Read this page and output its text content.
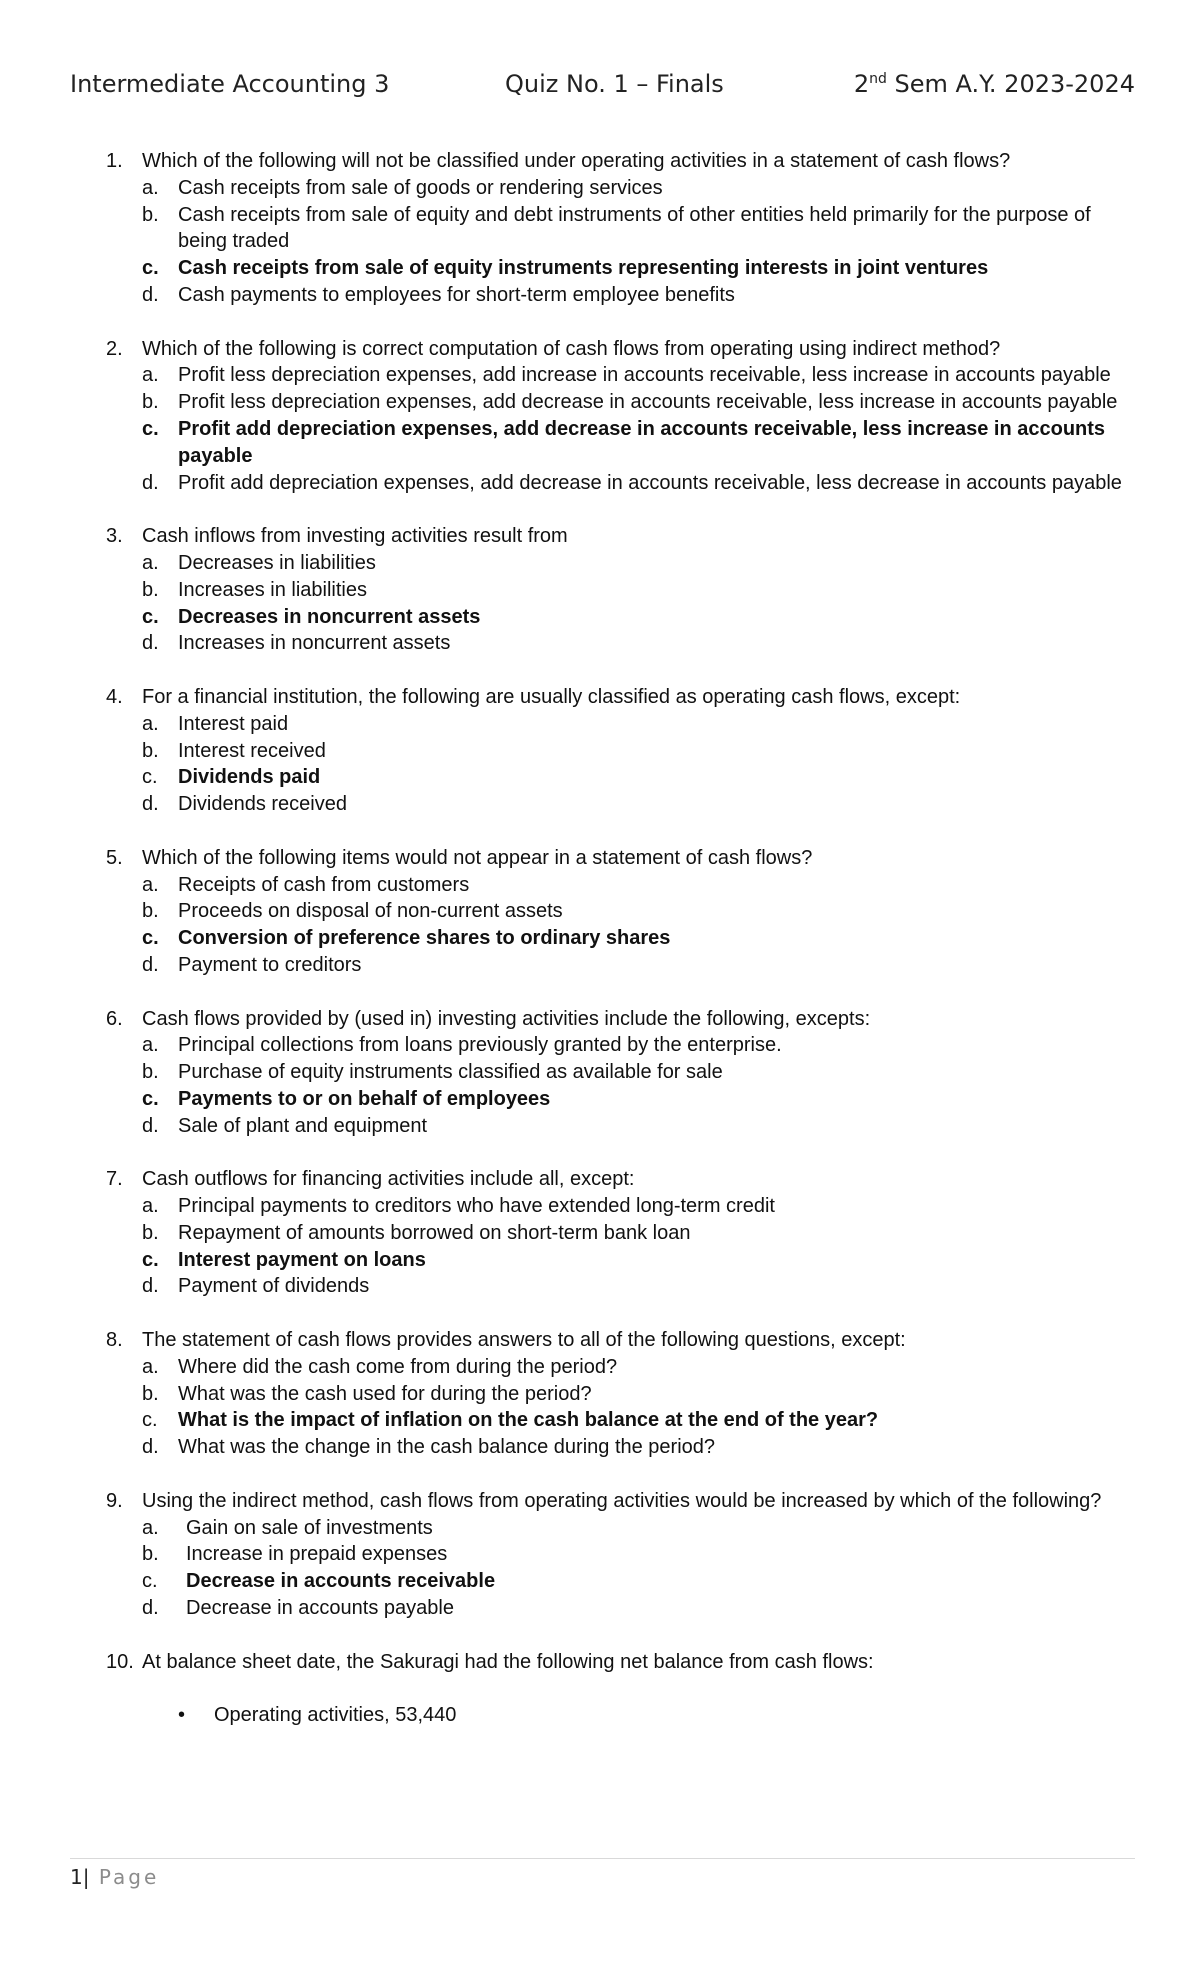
Intermediate Accounting 3	Quiz No. 1 – Finals	2nd Sem A.Y. 2023-2024
1. Which of the following will not be classified under operating activities in a statement of cash flows?
a. Cash receipts from sale of goods or rendering services
b. Cash receipts from sale of equity and debt instruments of other entities held primarily for the purpose of being traded
c. Cash receipts from sale of equity instruments representing interests in joint ventures
d. Cash payments to employees for short-term employee benefits
2. Which of the following is correct computation of cash flows from operating using indirect method?
a. Profit less depreciation expenses, add increase in accounts receivable, less increase in accounts payable
b. Profit less depreciation expenses, add decrease in accounts receivable, less increase in accounts payable
c. Profit add depreciation expenses, add decrease in accounts receivable, less increase in accounts payable
d. Profit add depreciation expenses, add decrease in accounts receivable, less decrease in accounts payable
3. Cash inflows from investing activities result from
a. Decreases in liabilities
b. Increases in liabilities
c. Decreases in noncurrent assets
d. Increases in noncurrent assets
4. For a financial institution, the following are usually classified as operating cash flows, except:
a. Interest paid
b. Interest received
c.	Dividends paid
d. Dividends received
5. Which of the following items would not appear in a statement of cash flows?
a. Receipts of cash from customers
b. Proceeds on disposal of non-current assets
c. Conversion of preference shares to ordinary shares
d. Payment to creditors
6. Cash flows provided by (used in) investing activities include the following, excepts:
a. Principal collections from loans previously granted by the enterprise.
b. Purchase of equity instruments classified as available for sale
c. Payments to or on behalf of employees
d. Sale of plant and equipment
7. Cash outflows for financing activities include all, except:
a. Principal payments to creditors who have extended long-term credit
b. Repayment of amounts borrowed on short-term bank loan
c. Interest payment on loans
d. Payment of dividends
8. The statement of cash flows provides answers to all of the following questions, except:
a. Where did the cash come from during the period?
b. What was the cash used for during the period?
c.	What is the impact of inflation on the cash balance at the end of the year?
d. What was the change in the cash balance during the period?
9. Using the indirect method, cash flows from operating activities would be increased by which of the following?
a.	Gain on sale of investments
b.	Increase in prepaid expenses
c.	Decrease in accounts receivable
d.	Decrease in accounts payable
10. At balance sheet date, the Sakuragi had the following net balance from cash flows:
•	Operating activities, 53,440
1| Page
